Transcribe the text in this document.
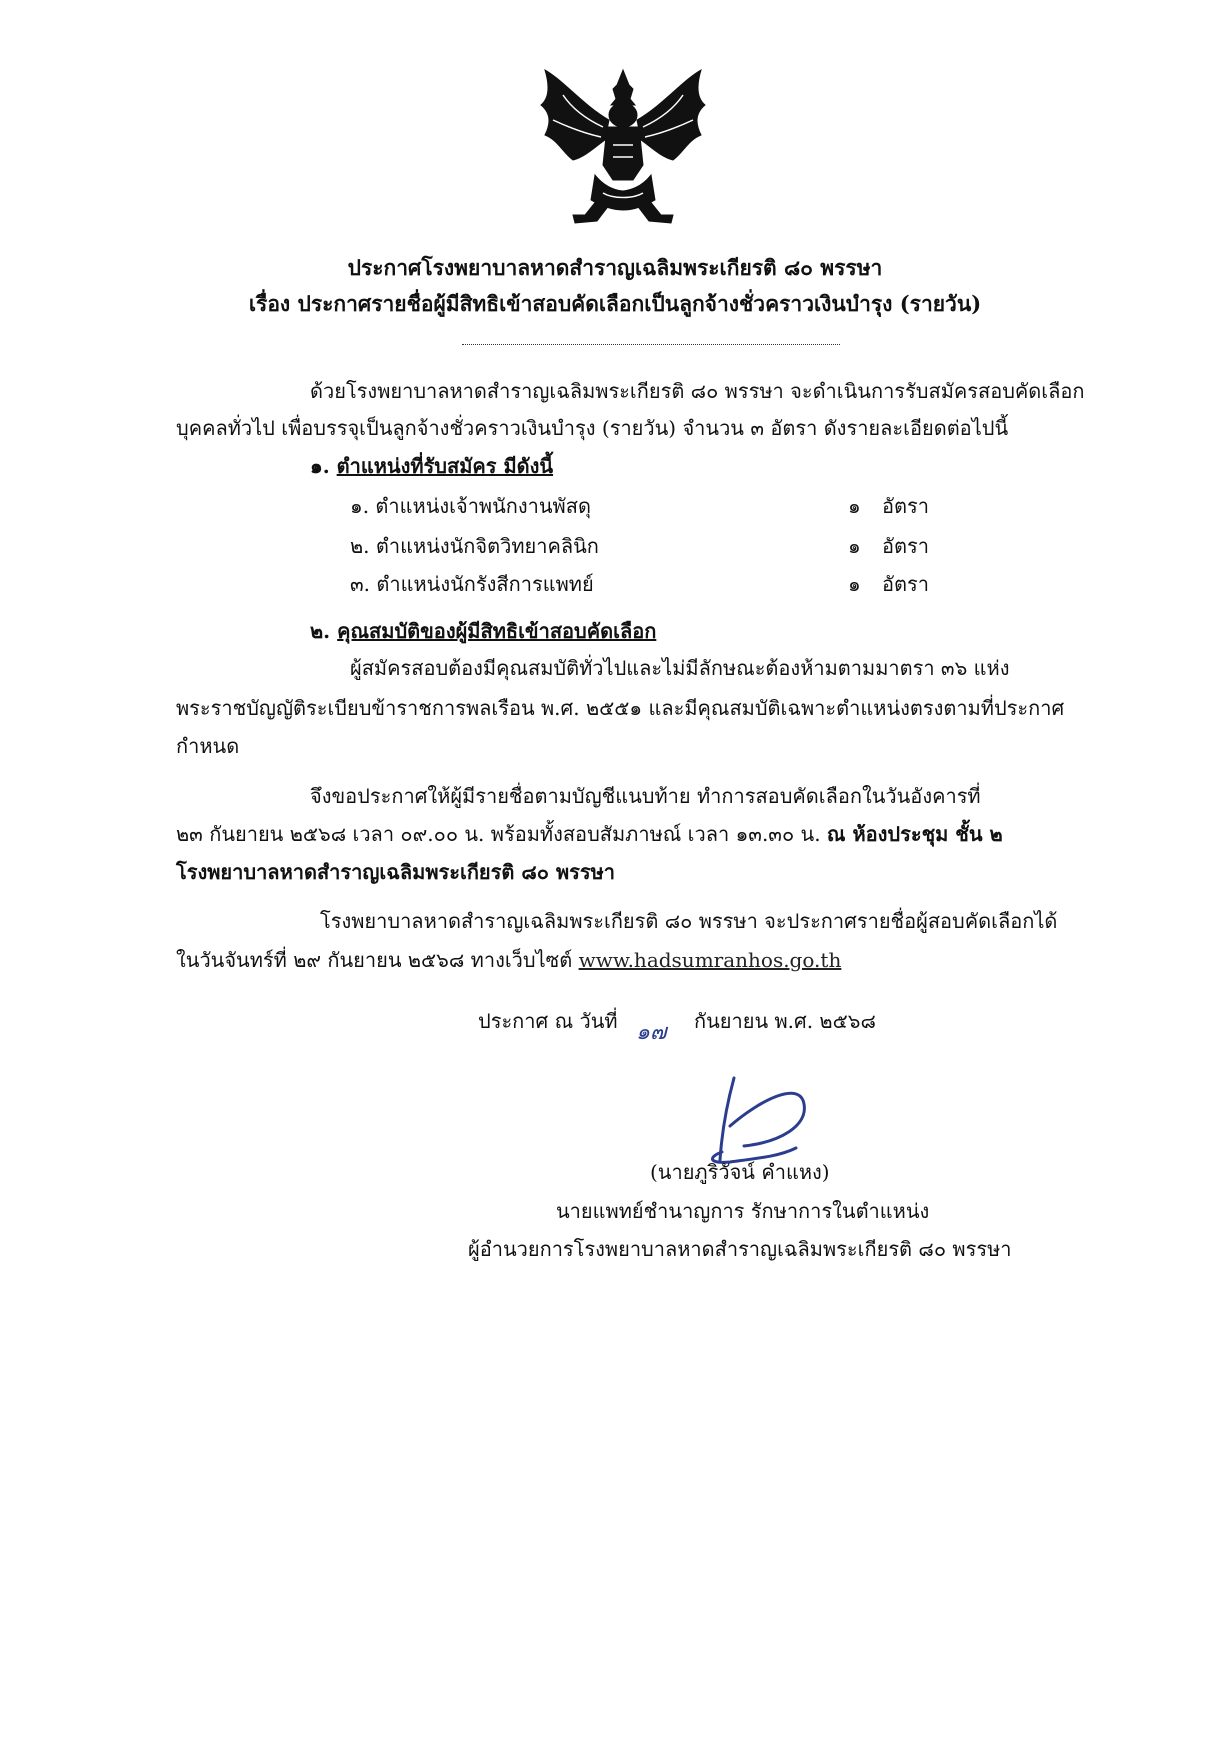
ประกาศโรงพยาบาลหาดสำราญเฉลิมพระเกียรติ ๘๐ พรรษา
เรื่อง ประกาศรายชื่อผู้มีสิทธิเข้าสอบคัดเลือกเป็นลูกจ้างชั่วคราวเงินบำรุง (รายวัน)
ด้วยโรงพยาบาลหาดสำราญเฉลิมพระเกียรติ ๘๐ พรรษา จะดำเนินการรับสมัครสอบคัดเลือก
บุคคลทั่วไป เพื่อบรรจุเป็นลูกจ้างชั่วคราวเงินบำรุง (รายวัน) จำนวน ๓ อัตรา ดังรายละเอียดต่อไปนี้
๑. ตำแหน่งที่รับสมัคร มีดังนี้
๑. ตำแหน่งเจ้าพนักงานพัสดุ	๑ อัตรา
๒. ตำแหน่งนักจิตวิทยาคลินิก	๑ อัตรา
๓. ตำแหน่งนักรังสีการแพทย์	๑ อัตรา
๒. คุณสมบัติของผู้มีสิทธิเข้าสอบคัดเลือก
ผู้สมัครสอบต้องมีคุณสมบัติทั่วไปและไม่มีลักษณะต้องห้ามตามมาตรา ๓๖ แห่ง
พระราชบัญญัติระเบียบข้าราชการพลเรือน พ.ศ. ๒๕๕๑ และมีคุณสมบัติเฉพาะตำแหน่งตรงตามที่ประกาศ
กำหนด
จึงขอประกาศให้ผู้มีรายชื่อตามบัญชีแนบท้าย ทำการสอบคัดเลือกในวันอังคารที่
๒๓ กันยายน ๒๕๖๘ เวลา ๐๙.๐๐ น. พร้อมทั้งสอบสัมภาษณ์ เวลา ๑๓.๓๐ น. ณ ห้องประชุม ชั้น ๒
โรงพยาบาลหาดสำราญเฉลิมพระเกียรติ ๘๐ พรรษา
โรงพยาบาลหาดสำราญเฉลิมพระเกียรติ ๘๐ พรรษา จะประกาศรายชื่อผู้สอบคัดเลือกได้
ในวันจันทร์ที่ ๒๙ กันยายน ๒๕๖๘ ทางเว็บไซต์ www.hadsumranhos.go.th
ประกาศ ณ วันที่ ๑๗ กันยายน พ.ศ. ๒๕๖๘
(นายภูริวัจน์ คำแหง)
นายแพทย์ชำนาญการ รักษาการในตำแหน่ง
ผู้อำนวยการโรงพยาบาลหาดสำราญเฉลิมพระเกียรติ ๘๐ พรรษา
